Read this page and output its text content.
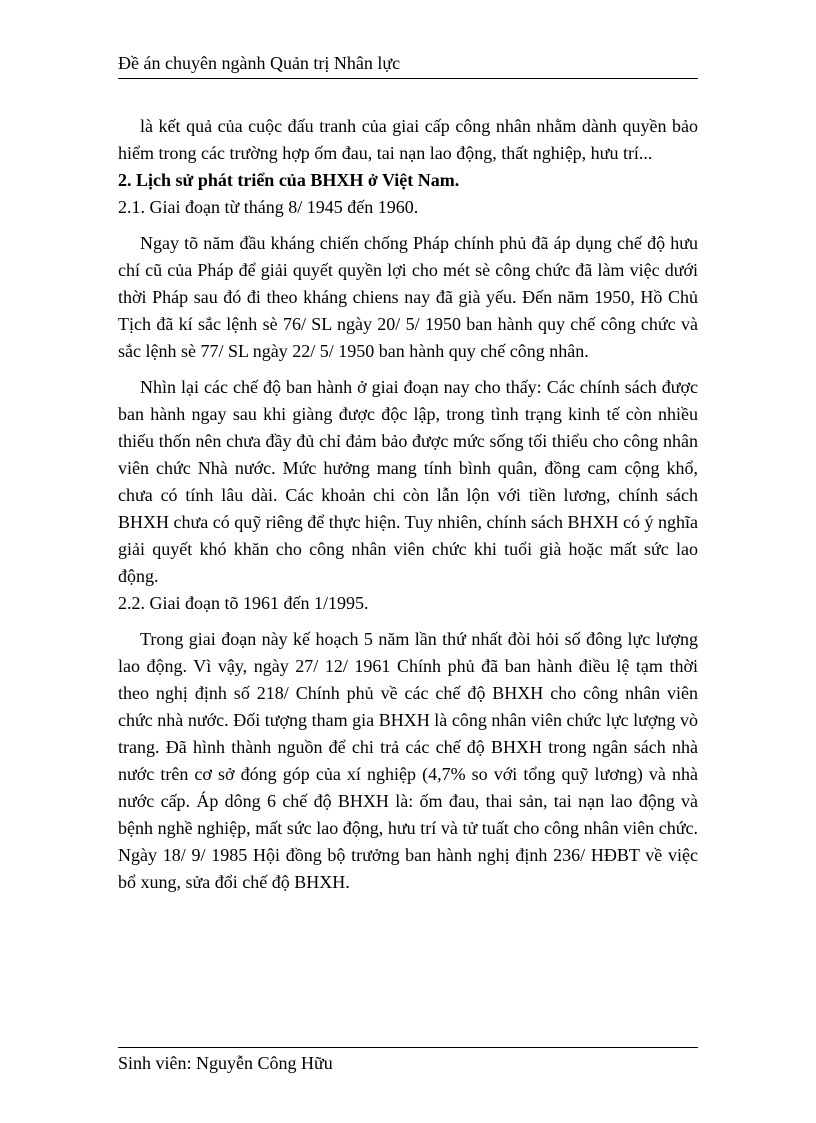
Đề án chuyên ngành Quản trị Nhân lực

là kết quả của cuộc đấu tranh của giai cấp công nhân nhằm dành quyền bảo hiểm trong các trường hợp ốm đau, tai nạn lao động, thất nghiệp, hưu trí...

2. Lịch sử phát triển của BHXH ở Việt Nam.
2.1. Giai đoạn từ tháng 8/ 1945 đến 1960.

Ngay tõ năm đầu kháng chiến chống Pháp chính phủ đã áp dụng chế độ hưu chí cũ của Pháp để giải quyết quyền lợi cho mét sè công chức đã làm việc dưới thời Pháp sau đó đi theo kháng chiens nay đã già yếu. Đến năm 1950, Hồ Chủ Tịch đã kí sắc lệnh sè 76/ SL ngày 20/ 5/ 1950 ban hành quy chế công chức và sắc lệnh sè 77/ SL ngày 22/ 5/ 1950 ban hành quy chế công nhân.

Nhìn lại các chế độ ban hành ở giai đoạn nay cho thấy: Các chính sách được ban hành ngay sau khi giàng được độc lập, trong tình trạng kinh tế còn nhiều thiếu thốn nên chưa đầy đủ chỉ đảm bảo được mức sống tối thiểu cho công nhân viên chức Nhà nước. Mức hưởng mang tính bình quân, đồng cam cộng khổ, chưa có tính lâu dài. Các khoản chi còn lẫn lộn với tiền lương, chính sách BHXH chưa có quỹ riêng để thực hiện. Tuy nhiên, chính sách BHXH có ý nghĩa giải quyết khó khăn cho công nhân viên chức khi tuổi già hoặc mất sức lao động.

2.2. Giai đoạn tõ 1961 đến 1/1995.

Trong giai đoạn này kế hoạch 5 năm lần thứ nhất đòi hỏi số đông lực lượng lao động. Vì vậy, ngày 27/ 12/ 1961 Chính phủ đã ban hành điều lệ tạm thời theo nghị định số 218/ Chính phủ về các chế độ BHXH cho công nhân viên chức nhà nước. Đối tượng tham gia BHXH là công nhân viên chức lực lượng vò trang. Đã hình thành nguồn để chi trả các chế độ BHXH trong ngân sách nhà nước trên cơ sở đóng góp của xí nghiệp (4,7% so với tổng quỹ lương) và nhà nước cấp. Áp dông 6 chế độ BHXH là: ốm đau, thai sản, tai nạn lao động và bệnh nghề nghiệp, mất sức lao động, hưu trí và tử tuất cho công nhân viên chức. Ngày 18/ 9/ 1985 Hội đồng bộ trưởng ban hành nghị định 236/ HĐBT về việc bổ xung, sửa đổi chế độ BHXH.

Sinh viên: Nguyễn Công Hữu
